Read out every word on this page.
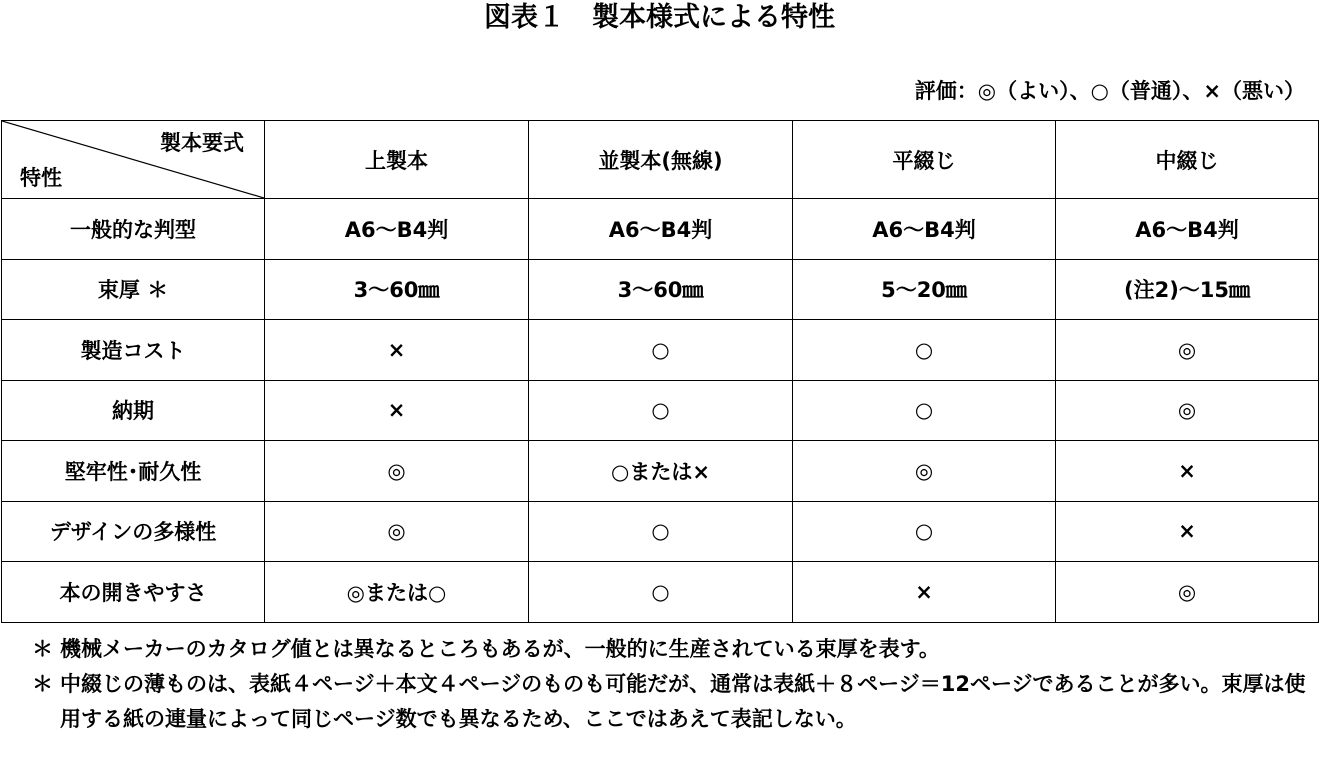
図表１　製本様式による特性
評価：◎（よい）、○（普通）、×（悪い）
製本要式
特性	上製本	並製本(無線)	平綴じ	中綴じ
一般的な判型	A6～B4判	A6～B4判	A6～B4判	A6～B4判
束厚 ＊	3～60㎜	3～60㎜	5～20㎜	(注2)～15㎜
製造コスト	×	○	○	◎
納期	×	○	○	◎
堅牢性･耐久性	◎	○または×	◎	×
デザインの多様性	◎	○	○	×
本の開きやすさ	◎または○	○	×	◎
＊ 機械メーカーのカタログ値とは異なるところもあるが、一般的に生産されている束厚を表す。
＊ 中綴じの薄ものは、表紙４ページ＋本文４ページのものも可能だが、通常は表紙＋８ページ＝12ページであることが多い。束厚は使用する紙の連量によって同じページ数でも異なるため、ここではあえて表記しない。
